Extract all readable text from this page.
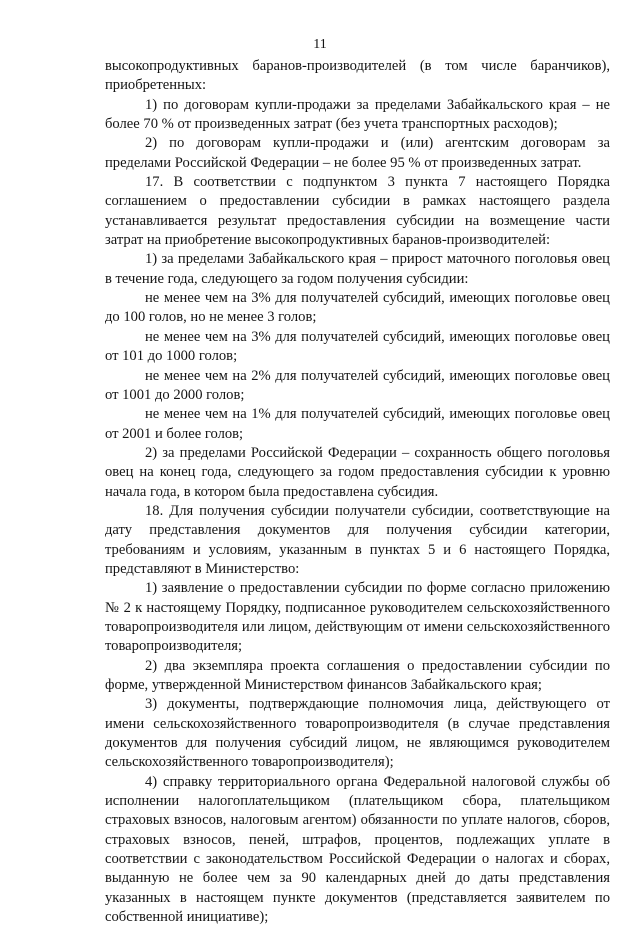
11

высокопродуктивных баранов-производителей (в том числе баранчиков), приобретенных:

1) по договорам купли-продажи за пределами Забайкальского края – не более 70 % от произведенных затрат (без учета транспортных расходов);

2) по договорам купли-продажи и (или) агентским договорам за пределами Российской Федерации – не более 95 % от произведенных затрат.

17. В соответствии с подпунктом 3 пункта 7 настоящего Порядка соглашением о предоставлении субсидии в рамках настоящего раздела устанавливается результат предоставления субсидии на возмещение части затрат на приобретение высокопродуктивных баранов-производителей:

1) за пределами Забайкальского края – прирост маточного поголовья овец в течение года, следующего за годом получения субсидии:

не менее чем на 3% для получателей субсидий, имеющих поголовье овец до 100 голов, но не менее 3 голов;

не менее чем на 3% для получателей субсидий, имеющих поголовье овец от 101 до 1000 голов;

не менее чем на 2% для получателей субсидий, имеющих поголовье овец от 1001 до 2000 голов;

не менее чем на 1% для получателей субсидий, имеющих поголовье овец от 2001 и более голов;

2) за пределами Российской Федерации – сохранность общего поголовья овец на конец года, следующего за годом предоставления субсидии к уровню начала года, в котором была предоставлена субсидия.

18. Для получения субсидии получатели субсидии, соответствующие на дату представления документов для получения субсидии категории, требованиям и условиям, указанным в пунктах 5 и 6 настоящего Порядка, представляют в Министерство:

1) заявление о предоставлении субсидии по форме согласно приложению № 2 к настоящему Порядку, подписанное руководителем сельскохозяйственного товаропроизводителя или лицом, действующим от имени сельскохозяйственного товаропроизводителя;

2) два экземпляра проекта соглашения о предоставлении субсидии по форме, утвержденной Министерством финансов Забайкальского края;

3) документы, подтверждающие полномочия лица, действующего от имени сельскохозяйственного товаропроизводителя (в случае представления документов для получения субсидий лицом, не являющимся руководителем сельскохозяйственного товаропроизводителя);

4) справку территориального органа Федеральной налоговой службы об исполнении налогоплательщиком (плательщиком сбора, плательщиком страховых взносов, налоговым агентом) обязанности по уплате налогов, сборов, страховых взносов, пеней, штрафов, процентов, подлежащих уплате в соответствии с законодательством Российской Федерации о налогах и сборах, выданную не более чем за 90 календарных дней до даты представления указанных в настоящем пункте документов (представляется заявителем по собственной инициативе);
